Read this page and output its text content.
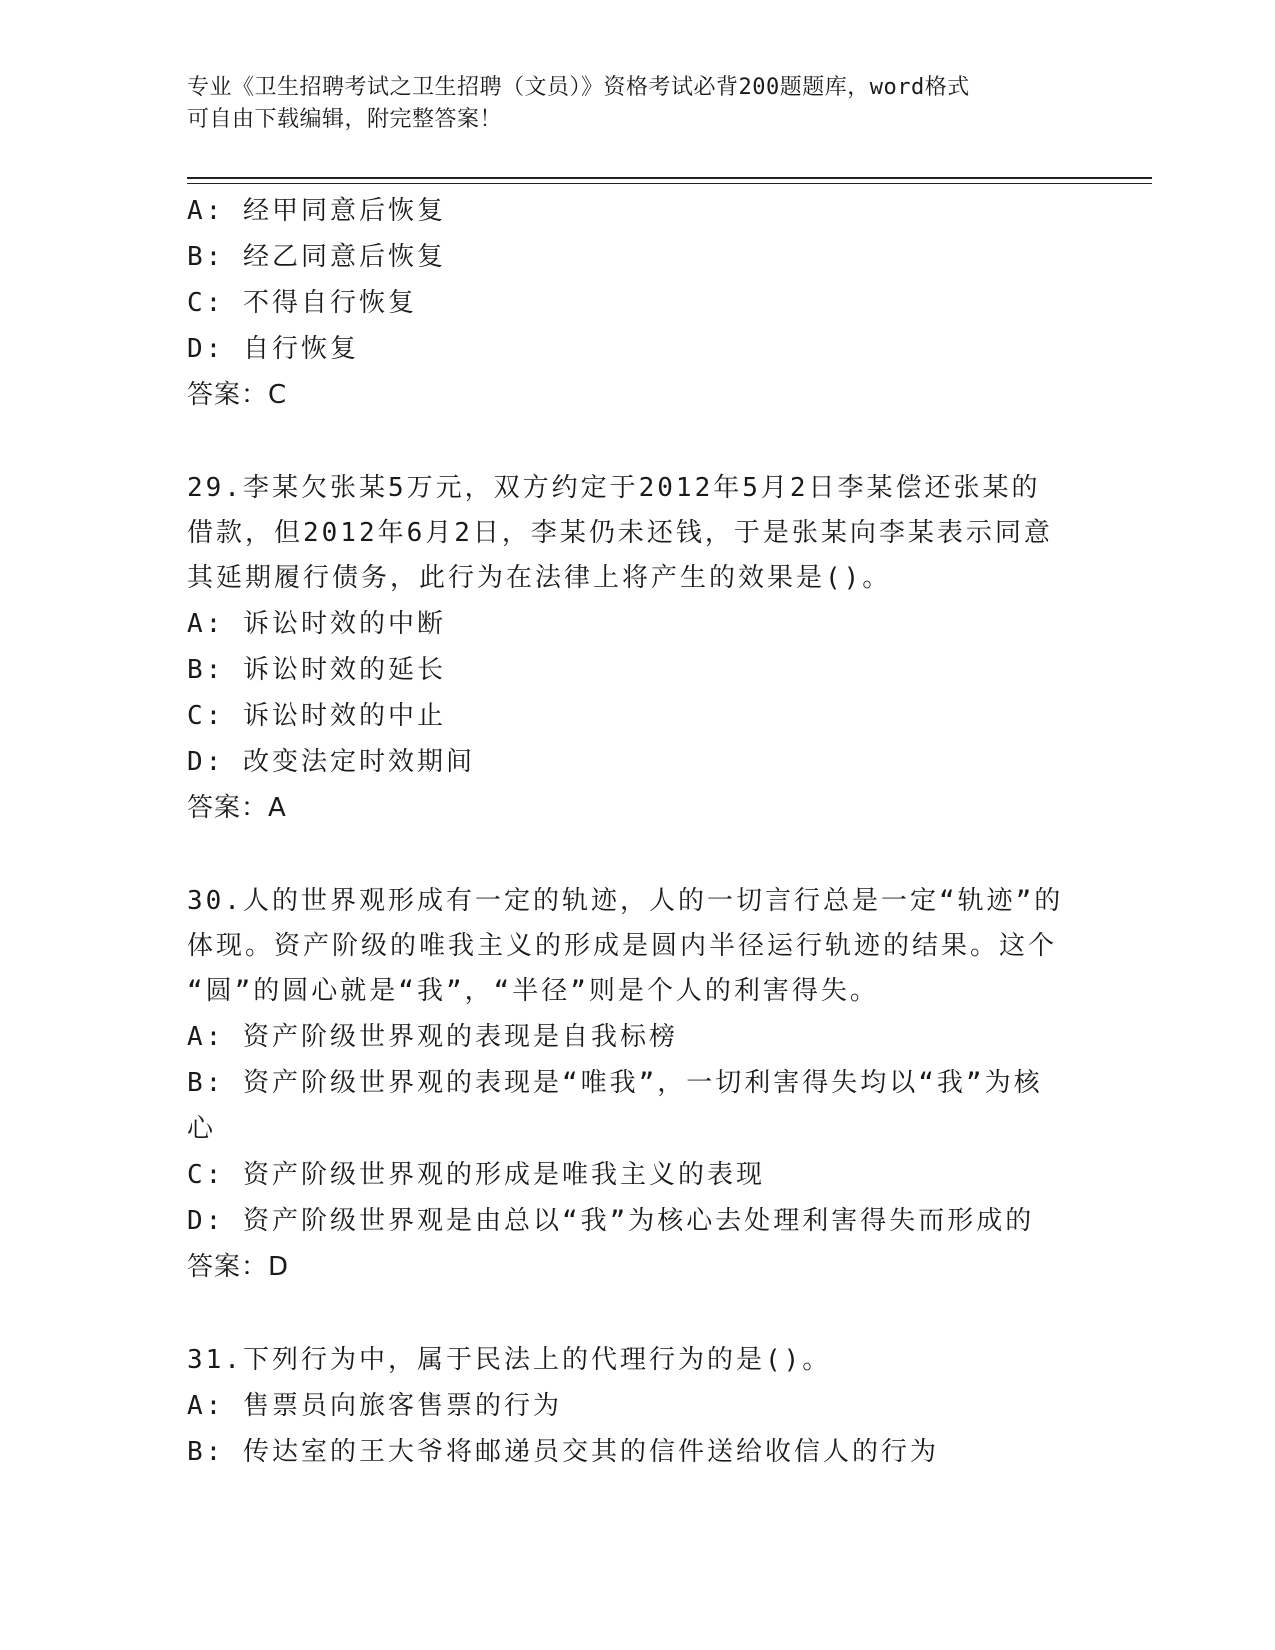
专业《卫生招聘考试之卫生招聘（文员）》资格考试必背200题题库，word格式
可自由下载编辑，附完整答案！
A: 经甲同意后恢复
B: 经乙同意后恢复
C: 不得自行恢复
D: 自行恢复
答案：C
29.李某欠张某5万元，双方约定于2012年5月2日李某偿还张某的
借款，但2012年6月2日，李某仍未还钱，于是张某向李某表示同意
其延期履行债务，此行为在法律上将产生的效果是()。
A: 诉讼时效的中断
B: 诉讼时效的延长
C: 诉讼时效的中止
D: 改变法定时效期间
答案：A
30.人的世界观形成有一定的轨迹，人的一切言行总是一定“轨迹”的
体现。资产阶级的唯我主义的形成是圆内半径运行轨迹的结果。这个
“圆”的圆心就是“我”，“半径”则是个人的利害得失。
A: 资产阶级世界观的表现是自我标榜
B: 资产阶级世界观的表现是“唯我”，一切利害得失均以“我”为核
心
C: 资产阶级世界观的形成是唯我主义的表现
D: 资产阶级世界观是由总以“我”为核心去处理利害得失而形成的
答案：D
31.下列行为中，属于民法上的代理行为的是()。
A: 售票员向旅客售票的行为
B: 传达室的王大爷将邮递员交其的信件送给收信人的行为
